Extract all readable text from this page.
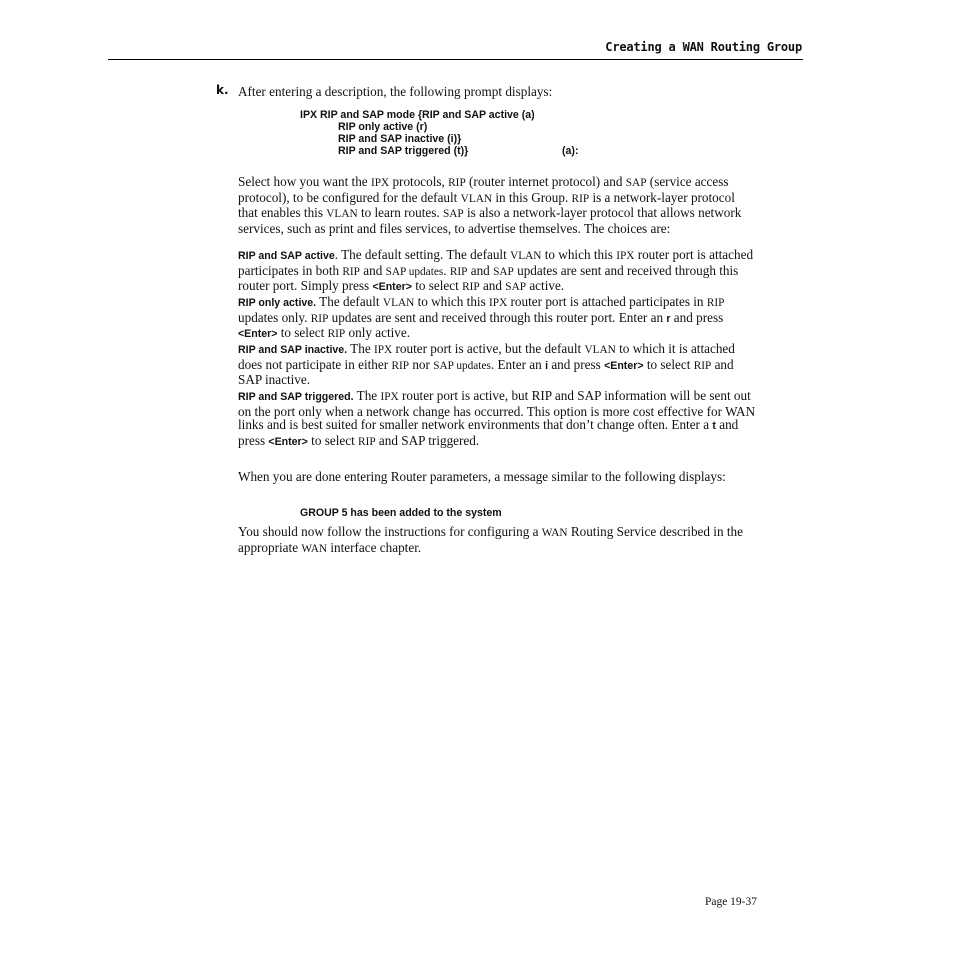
Creating a WAN Routing Group
k. After entering a description, the following prompt displays:
IPX RIP and SAP mode {RIP and SAP active (a)
RIP only active (r)
RIP and SAP inactive (i)}
RIP and SAP triggered (t)}	(a):

Select how you want the IPX protocols, RIP (router internet protocol) and SAP (service access protocol), to be configured for the default VLAN in this Group. RIP is a network-layer protocol that enables this VLAN to learn routes. SAP is also a network-layer protocol that allows network services, such as print and files services, to advertise themselves. The choices are:

RIP and SAP active. The default setting. The default VLAN to which this IPX router port is attached participates in both RIP and SAP updates. RIP and SAP updates are sent and received through this router port. Simply press <Enter> to select RIP and SAP active.

RIP only active. The default VLAN to which this IPX router port is attached participates in RIP updates only. RIP updates are sent and received through this router port. Enter an r and press <Enter> to select RIP only active.

RIP and SAP inactive. The IPX router port is active, but the default VLAN to which it is attached does not participate in either RIP nor SAP updates. Enter an i and press <Enter> to select RIP and SAP inactive.

RIP and SAP triggered. The IPX router port is active, but RIP and SAP information will be sent out on the port only when a network change has occurred. This option is more cost effective for WAN links and is best suited for smaller network environments that don’t change often. Enter a t and press <Enter> to select RIP and SAP triggered.

When you are done entering Router parameters, a message similar to the following displays:

GROUP 5 has been added to the system

You should now follow the instructions for configuring a WAN Routing Service described in the appropriate WAN interface chapter.

Page 19-37
